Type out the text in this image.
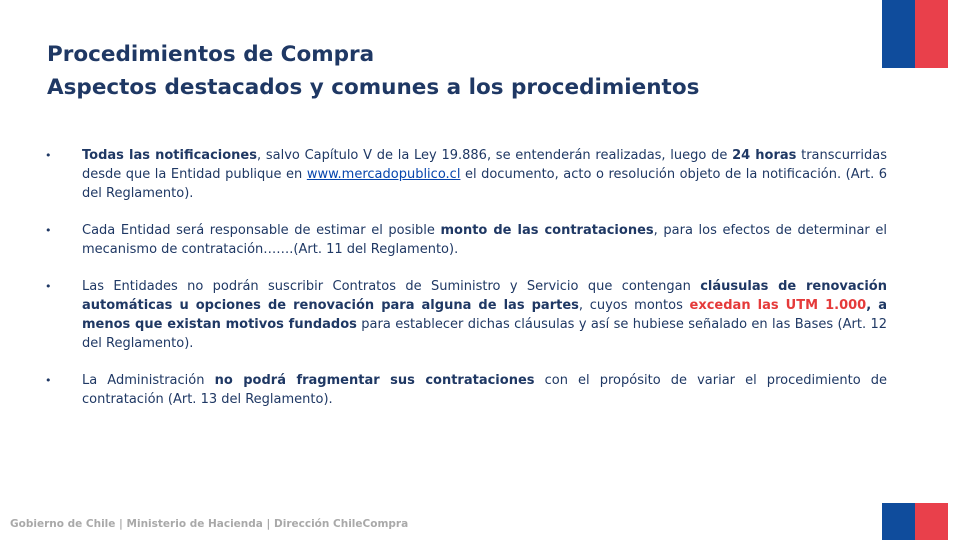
Procedimientos de Compra
Aspectos destacados y comunes a los procedimientos
• Todas las notificaciones, salvo Capítulo V de la Ley 19.886, se entenderán realizadas, luego de 24 horas transcurridas desde que la Entidad publique en www.mercadopublico.cl el documento, acto o resolución objeto de la notificación. (Art. 6 del Reglamento).
• Cada Entidad será responsable de estimar el posible monto de las contrataciones, para los efectos de determinar el mecanismo de contratación…….(Art. 11 del Reglamento).
• Las Entidades no podrán suscribir Contratos de Suministro y Servicio que contengan cláusulas de renovación automáticas u opciones de renovación para alguna de las partes, cuyos montos excedan las UTM 1.000, a menos que existan motivos fundados para establecer dichas cláusulas y así se hubiese señalado en las Bases (Art. 12 del Reglamento).
• La Administración no podrá fragmentar sus contrataciones con el propósito de variar el procedimiento de contratación (Art. 13 del Reglamento).
Gobierno de Chile | Ministerio de Hacienda | Dirección ChileCompra
